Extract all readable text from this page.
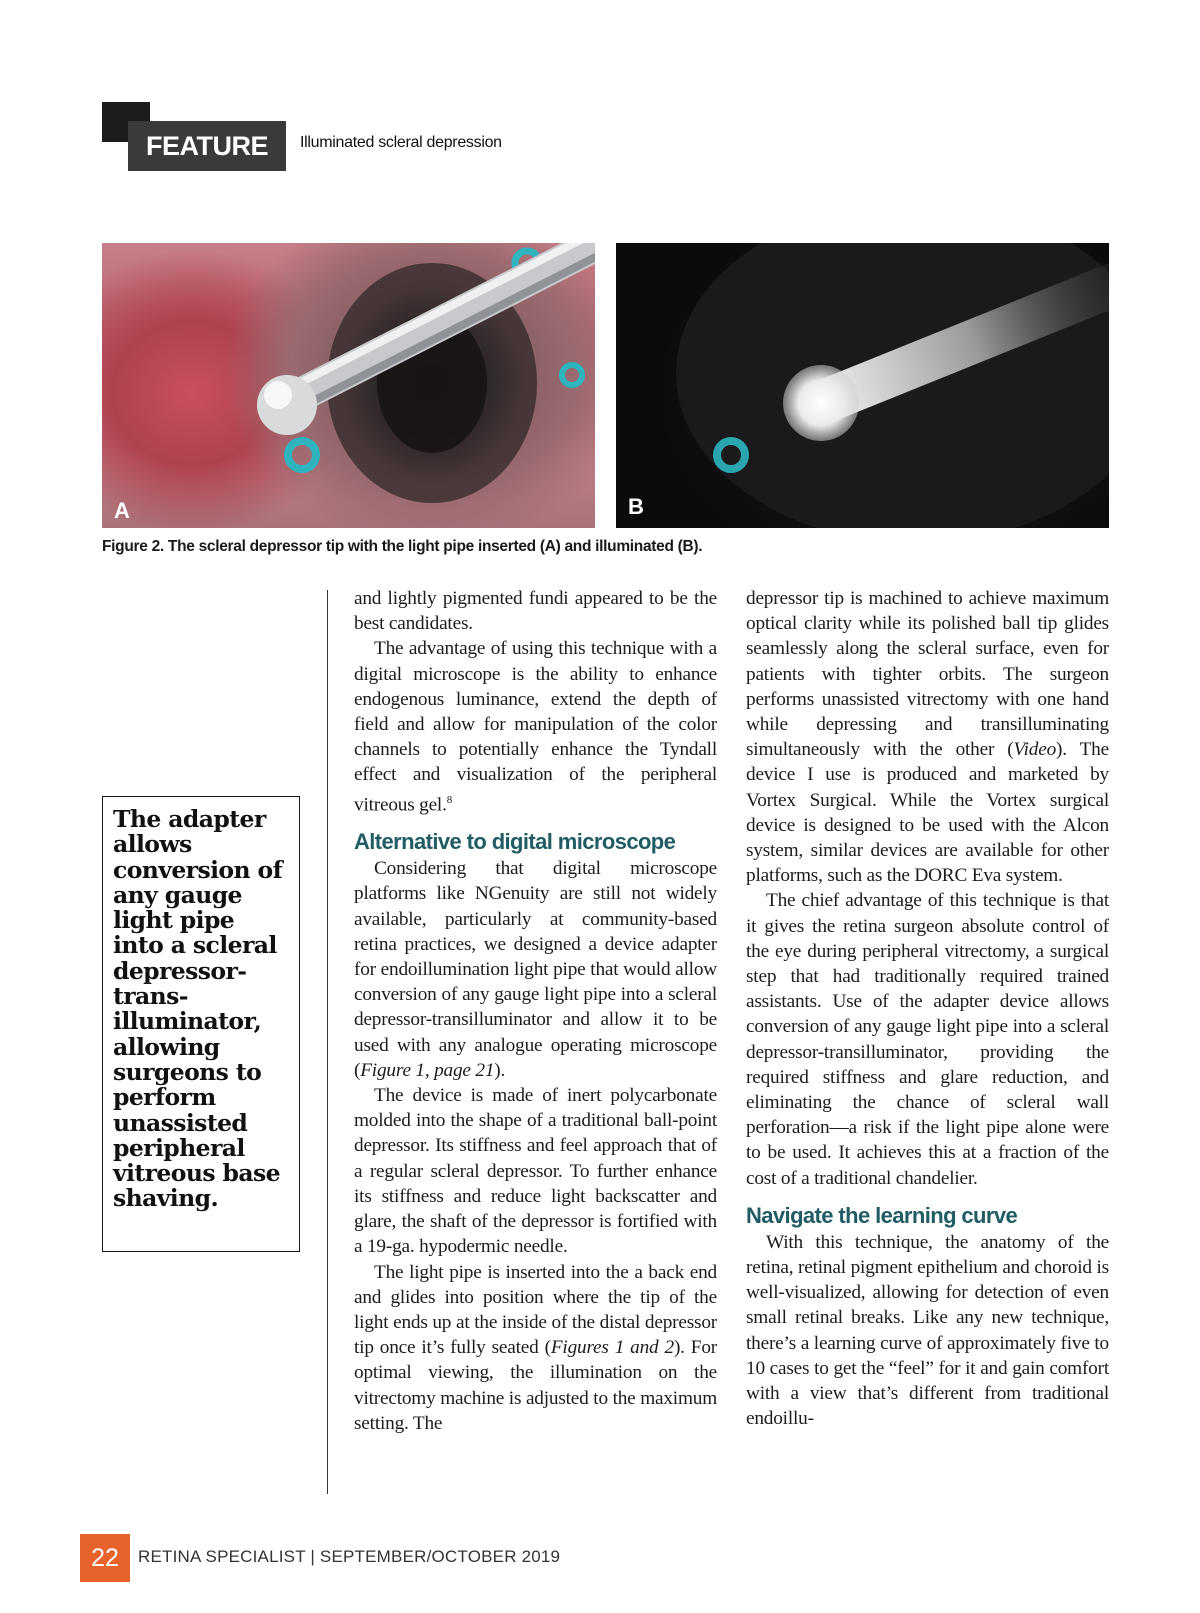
FEATURE	Illuminated scleral depression
A	B
Figure 2. The scleral depressor tip with the light pipe inserted (A) and illuminated (B).

The adapter allows conversion of any gauge light pipe into a scleral depressor-trans-illuminator, allowing surgeons to perform unassisted peripheral vitreous base shaving.

and lightly pigmented fundi appeared to be the best candidates.

The advantage of using this technique with a digital microscope is the ability to enhance endogenous luminance, extend the depth of field and allow for manipulation of the color channels to potentially enhance the Tyndall effect and visualization of the peripheral vitreous gel.$^8$

Alternative to digital microscope

Considering that digital microscope platforms like NGenuity are still not widely available, particularly at community-based retina practices, we designed a device adapter for endoillumination light pipe that would allow conversion of any gauge light pipe into a scleral depressor-transilluminator and allow it to be used with any analogue operating microscope (Figure 1, page 21).

The device is made of inert polycarbonate molded into the shape of a traditional ball-point depressor. Its stiffness and feel approach that of a regular scleral depressor. To further enhance its stiffness and reduce light backscatter and glare, the shaft of the depressor is fortified with a 19-ga. hypodermic needle.

The light pipe is inserted into the a back end and glides into position where the tip of the light ends up at the inside of the distal depressor tip once it’s fully seated (Figures 1 and 2). For optimal viewing, the illumination on the vitrectomy machine is adjusted to the maximum setting. The

depressor tip is machined to achieve maximum optical clarity while its polished ball tip glides seamlessly along the scleral surface, even for patients with tighter orbits. The surgeon performs unassisted vitrectomy with one hand while depressing and transilluminating simultaneously with the other (Video). The device I use is produced and marketed by Vortex Surgical. While the Vortex surgical device is designed to be used with the Alcon system, similar devices are available for other platforms, such as the DORC Eva system.

The chief advantage of this technique is that it gives the retina surgeon absolute control of the eye during peripheral vitrectomy, a surgical step that had traditionally required trained assistants. Use of the adapter device allows conversion of any gauge light pipe into a scleral depressor-transilluminator, providing the required stiffness and glare reduction, and eliminating the chance of scleral wall perforation—a risk if the light pipe alone were to be used. It achieves this at a fraction of the cost of a traditional chandelier.

Navigate the learning curve

With this technique, the anatomy of the retina, retinal pigment epithelium and choroid is well-visualized, allowing for detection of even small retinal breaks. Like any new technique, there’s a learning curve of approximately five to 10 cases to get the “feel” for it and gain comfort with a view that’s different from traditional endoillu-

22	RETINA SPECIALIST | SEPTEMBER/OCTOBER 2019
